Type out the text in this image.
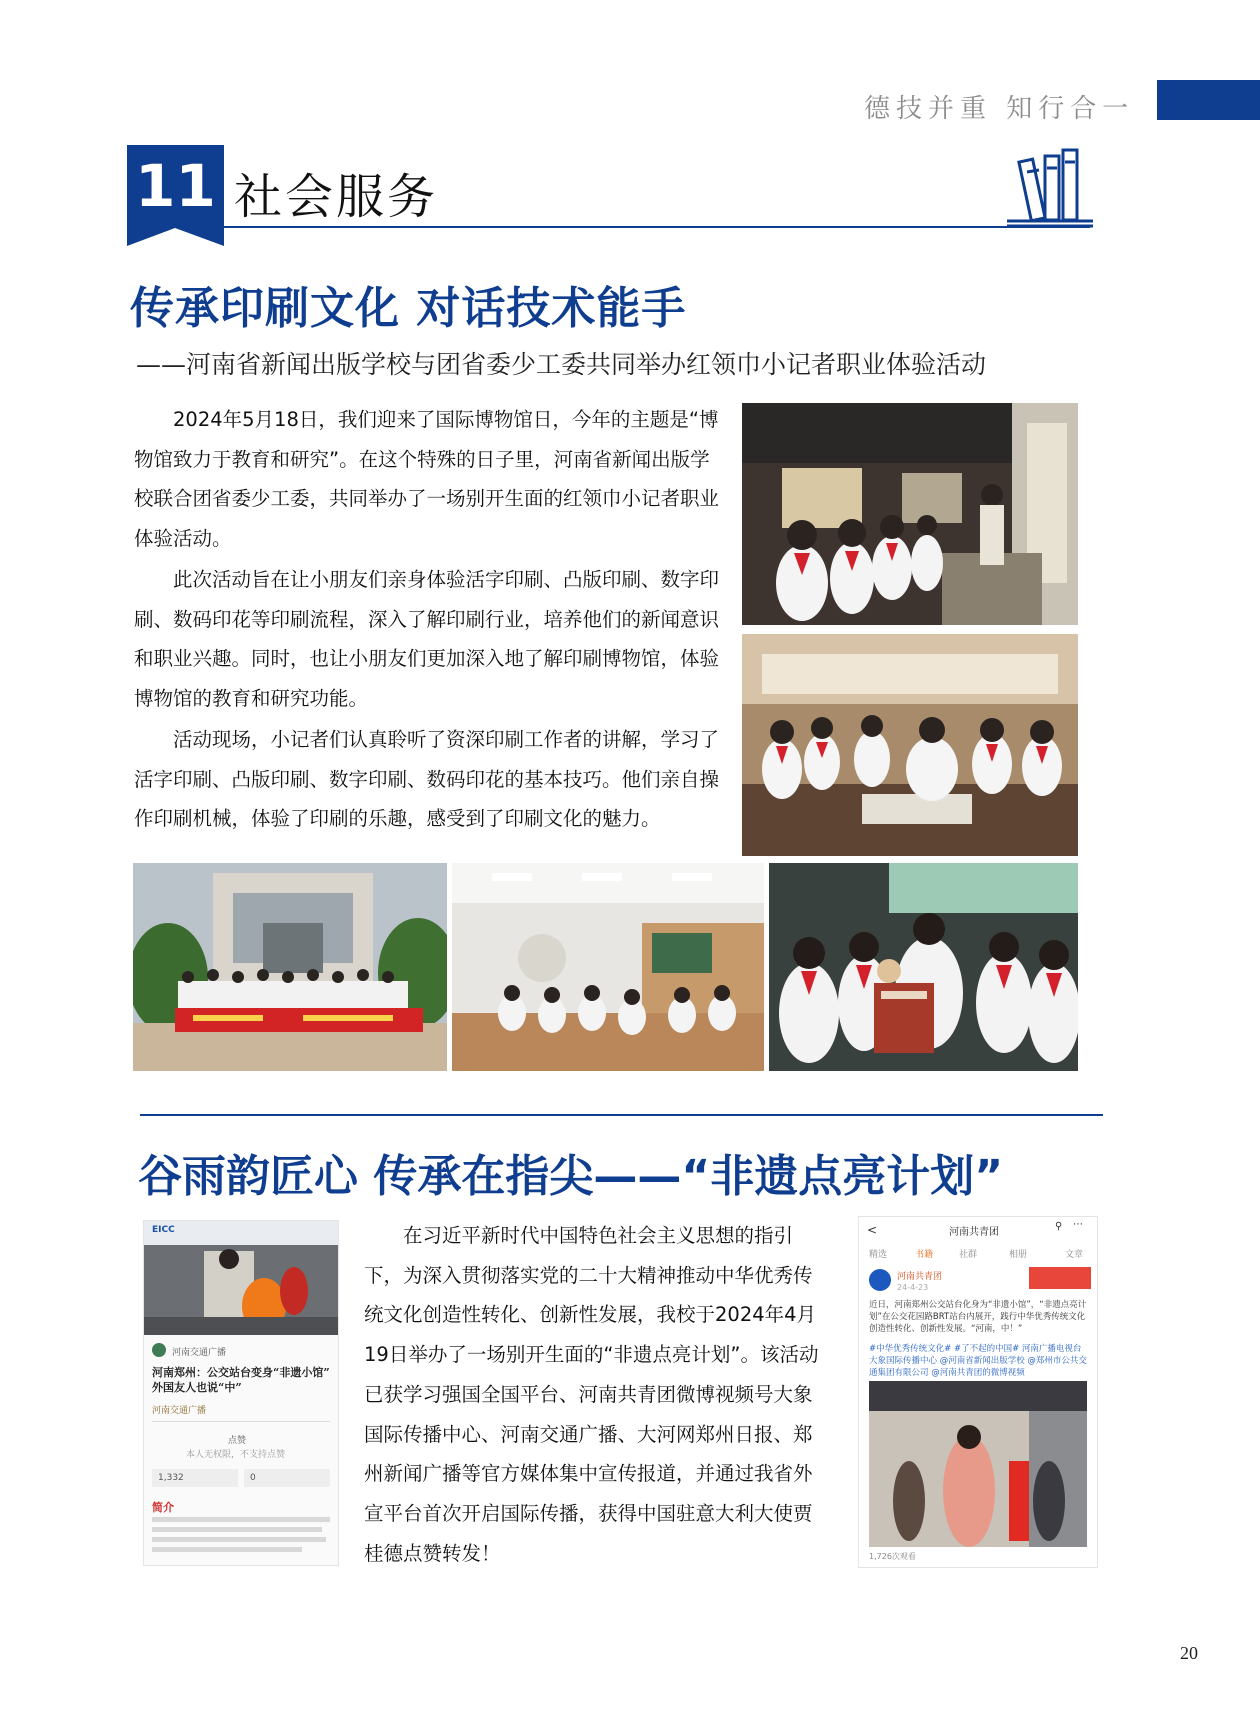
德技并重 知行合一
11 社会服务
传承印刷文化 对话技术能手
——河南省新闻出版学校与团省委少工委共同举办红领巾小记者职业体验活动

2024年5月18日，我们迎来了国际博物馆日，今年的主题是“博物馆致力于教育和研究”。在这个特殊的日子里，河南省新闻出版学校联合团省委少工委，共同举办了一场别开生面的红领巾小记者职业体验活动。

此次活动旨在让小朋友们亲身体验活字印刷、凸版印刷、数字印刷、数码印花等印刷流程，深入了解印刷行业，培养他们的新闻意识和职业兴趣。同时，也让小朋友们更加深入地了解印刷博物馆，体验博物馆的教育和研究功能。

活动现场，小记者们认真聆听了资深印刷工作者的讲解，学习了活字印刷、凸版印刷、数字印刷、数码印花的基本技巧。他们亲自操作印刷机械，体验了印刷的乐趣，感受到了印刷文化的魅力。

谷雨韵匠心 传承在指尖——“非遗点亮计划”

在习近平新时代中国特色社会主义思想的指引下，为深入贯彻落实党的二十大精神推动中华优秀传统文化创造性转化、创新性发展，我校于2024年4月19日举办了一场别开生面的“非遗点亮计划”。该活动已获学习强国全国平台、河南共青团微博视频号大象国际传播中心、河南交通广播、大河网郑州日报、郑州新闻广播等官方媒体集中宣传报道，并通过我省外宣平台首次开启国际传播，获得中国驻意大利大使贾桂德点赞转发！

EICC
河南交通广播
河南郑州：公交站台变身“非遗小馆” 外国友人也说“中”
河南交通广播
点赞
本人无权限，不支持点赞
1,332	0
简介
<	河南共青团
⚲ ⋯
精选	书籍	社群	相册	文章
河南共青团
24-4-23
近日，河南郑州公交站台化身为“非遗小馆”，“非遗点亮计划”在公交花园路BRT站台内展开，践行中华优秀传统文化创造性转化、创新性发展。“河南，中！”
#中华优秀传统文化# #了不起的中国# 河南广播电视台大象国际传播中心 @河南省新闻出版学校 @郑州市公共交通集团有限公司 @河南共青团的微博视频
1,726次观看
20
